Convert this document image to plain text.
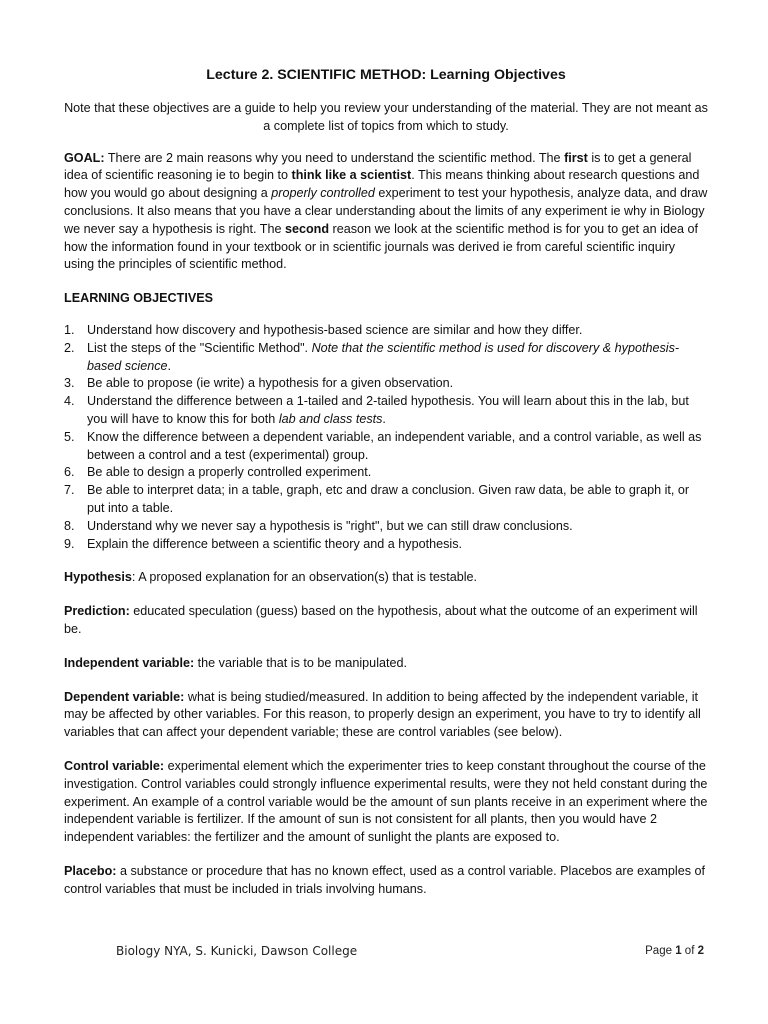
Lecture 2. SCIENTIFIC METHOD: Learning Objectives

Note that these objectives are a guide to help you review your understanding of the material. They are not meant as a complete list of topics from which to study.

GOAL: There are 2 main reasons why you need to understand the scientific method. The first is to get a general idea of scientific reasoning ie to begin to think like a scientist. This means thinking about research questions and how you would go about designing a properly controlled experiment to test your hypothesis, analyze data, and draw conclusions. It also means that you have a clear understanding about the limits of any experiment ie why in Biology we never say a hypothesis is right. The second reason we look at the scientific method is for you to get an idea of how the information found in your textbook or in scientific journals was derived ie from careful scientific inquiry using the principles of scientific method.

LEARNING OBJECTIVES
1. Understand how discovery and hypothesis-based science are similar and how they differ.
2. List the steps of the "Scientific Method". Note that the scientific method is used for discovery & hypothesis-based science.
3. Be able to propose (ie write) a hypothesis for a given observation.
4. Understand the difference between a 1-tailed and 2-tailed hypothesis. You will learn about this in the lab, but you will have to know this for both lab and class tests.
5. Know the difference between a dependent variable, an independent variable, and a control variable, as well as between a control and a test (experimental) group.
6. Be able to design a properly controlled experiment.
7. Be able to interpret data; in a table, graph, etc and draw a conclusion. Given raw data, be able to graph it, or put into a table.
8. Understand why we never say a hypothesis is "right", but we can still draw conclusions.
9. Explain the difference between a scientific theory and a hypothesis.

Hypothesis: A proposed explanation for an observation(s) that is testable.

Prediction: educated speculation (guess) based on the hypothesis, about what the outcome of an experiment will be.

Independent variable: the variable that is to be manipulated.

Dependent variable: what is being studied/measured. In addition to being affected by the independent variable, it may be affected by other variables. For this reason, to properly design an experiment, you have to try to identify all variables that can affect your dependent variable; these are control variables (see below).

Control variable: experimental element which the experimenter tries to keep constant throughout the course of the investigation. Control variables could strongly influence experimental results, were they not held constant during the experiment. An example of a control variable would be the amount of sun plants receive in an experiment where the independent variable is fertilizer. If the amount of sun is not consistent for all plants, then you would have 2 independent variables: the fertilizer and the amount of sunlight the plants are exposed to.

Placebo: a substance or procedure that has no known effect, used as a control variable. Placebos are examples of control variables that must be included in trials involving humans.

Biology NYA, S. Kunicki, Dawson College	Page 1 of 2
